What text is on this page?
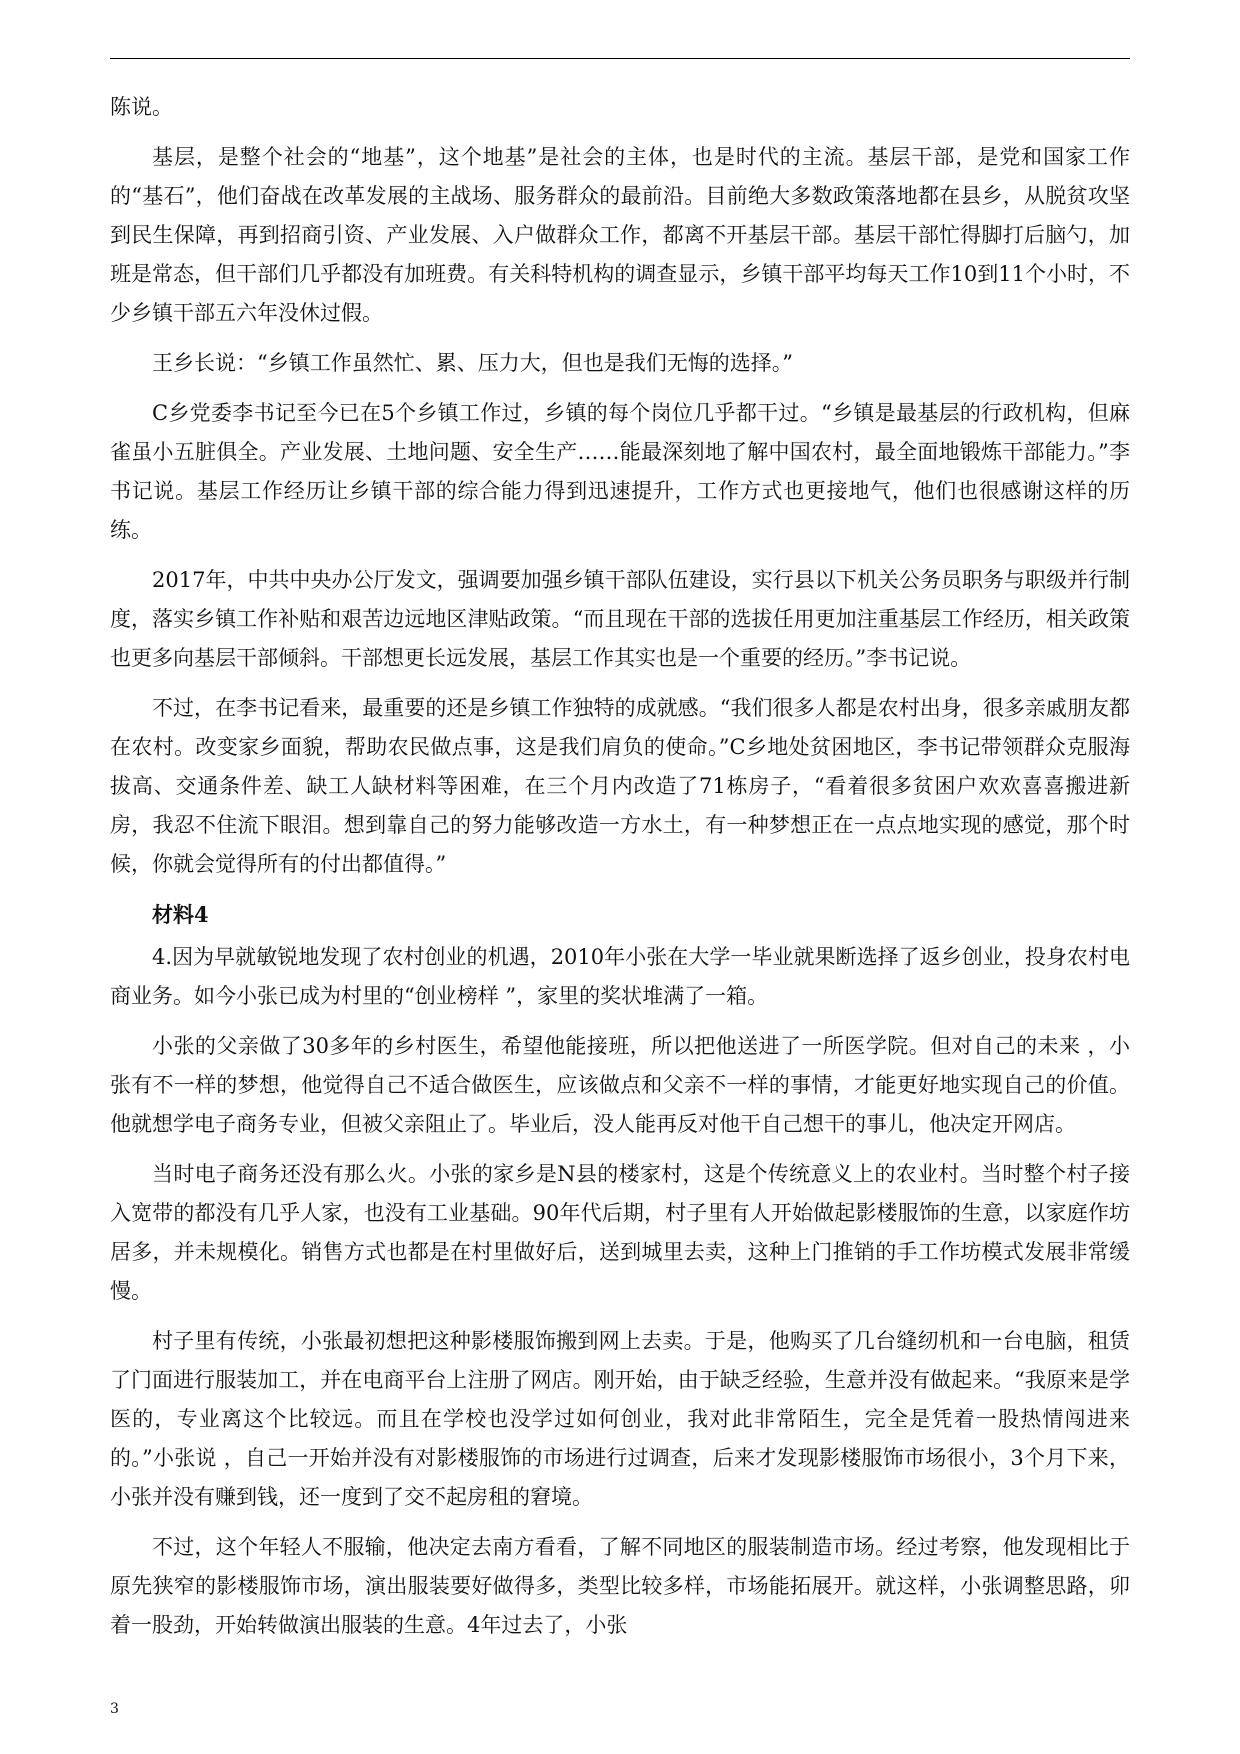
陈说。

基层，是整个社会的“地基”，这个地基”是社会的主体，也是时代的主流。基层干部，是党和国家工作的“基石”，他们奋战在改革发展的主战场、服务群众的最前沿。目前绝大多数政策落地都在县乡，从脱贫攻坚到民生保障，再到招商引资、产业发展、入户做群众工作，都离不开基层干部。基层干部忙得脚打后脑勺，加班是常态，但干部们几乎都没有加班费。有关科特机构的调查显示，乡镇干部平均每天工作10到11个小时，不少乡镇干部五六年没休过假。

王乡长说：“乡镇工作虽然忙、累、压力大，但也是我们无悔的选择。”

C乡党委李书记至今已在5个乡镇工作过，乡镇的每个岗位几乎都干过。“乡镇是最基层的行政机构，但麻雀虽小五脏俱全。产业发展、土地问题、安全生产……能最深刻地了解中国农村，最全面地锻炼干部能力。”李书记说。基层工作经历让乡镇干部的综合能力得到迅速提升，工作方式也更接地气，他们也很感谢这样的历练。

2017年，中共中央办公厅发文，强调要加强乡镇干部队伍建设，实行县以下机关公务员职务与职级并行制度，落实乡镇工作补贴和艰苦边远地区津贴政策。“而且现在干部的选拔任用更加注重基层工作经历，相关政策也更多向基层干部倾斜。干部想更长远发展，基层工作其实也是一个重要的经历。”李书记说。

不过，在李书记看来，最重要的还是乡镇工作独特的成就感。“我们很多人都是农村出身，很多亲戚朋友都在农村。改变家乡面貌，帮助农民做点事，这是我们肩负的使命。”C乡地处贫困地区，李书记带领群众克服海拔高、交通条件差、缺工人缺材料等困难，在三个月内改造了71栋房子，“看着很多贫困户欢欢喜喜搬进新房，我忍不住流下眼泪。想到靠自己的努力能够改造一方水土，有一种梦想正在一点点地实现的感觉，那个时候，你就会觉得所有的付出都值得。”

材料4

4.因为早就敏锐地发现了农村创业的机遇，2010年小张在大学一毕业就果断选择了返乡创业，投身农村电商业务。如今小张已成为村里的“创业榜样 ”，家里的奖状堆满了一箱。

小张的父亲做了30多年的乡村医生，希望他能接班，所以把他送进了一所医学院。但对自己的未来 ，小张有不一样的梦想，他觉得自己不适合做医生，应该做点和父亲不一样的事情，才能更好地实现自己的价值。他就想学电子商务专业，但被父亲阻止了。毕业后，没人能再反对他干自己想干的事儿，他决定开网店。

当时电子商务还没有那么火。小张的家乡是N县的楼家村，这是个传统意义上的农业村。当时整个村子接入宽带的都没有几乎人家，也没有工业基础。90年代后期，村子里有人开始做起影楼服饰的生意，以家庭作坊居多，并未规模化。销售方式也都是在村里做好后，送到城里去卖，这种上门推销的手工作坊模式发展非常缓慢。

村子里有传统，小张最初想把这种影楼服饰搬到网上去卖。于是，他购买了几台缝纫机和一台电脑，租赁了门面进行服装加工，并在电商平台上注册了网店。刚开始，由于缺乏经验，生意并没有做起来。“我原来是学医的，专业离这个比较远。而且在学校也没学过如何创业，我对此非常陌生，完全是凭着一股热情闯进来的。”小张说 ，自己一开始并没有对影楼服饰的市场进行过调查，后来才发现影楼服饰市场很小，3个月下来，小张并没有赚到钱，还一度到了交不起房租的窘境。

不过，这个年轻人不服输，他决定去南方看看，了解不同地区的服装制造市场。经过考察，他发现相比于原先狭窄的影楼服饰市场，演出服装要好做得多，类型比较多样，市场能拓展开。就这样，小张调整思路，卯着一股劲，开始转做演出服装的生意。4年过去了，小张

3
